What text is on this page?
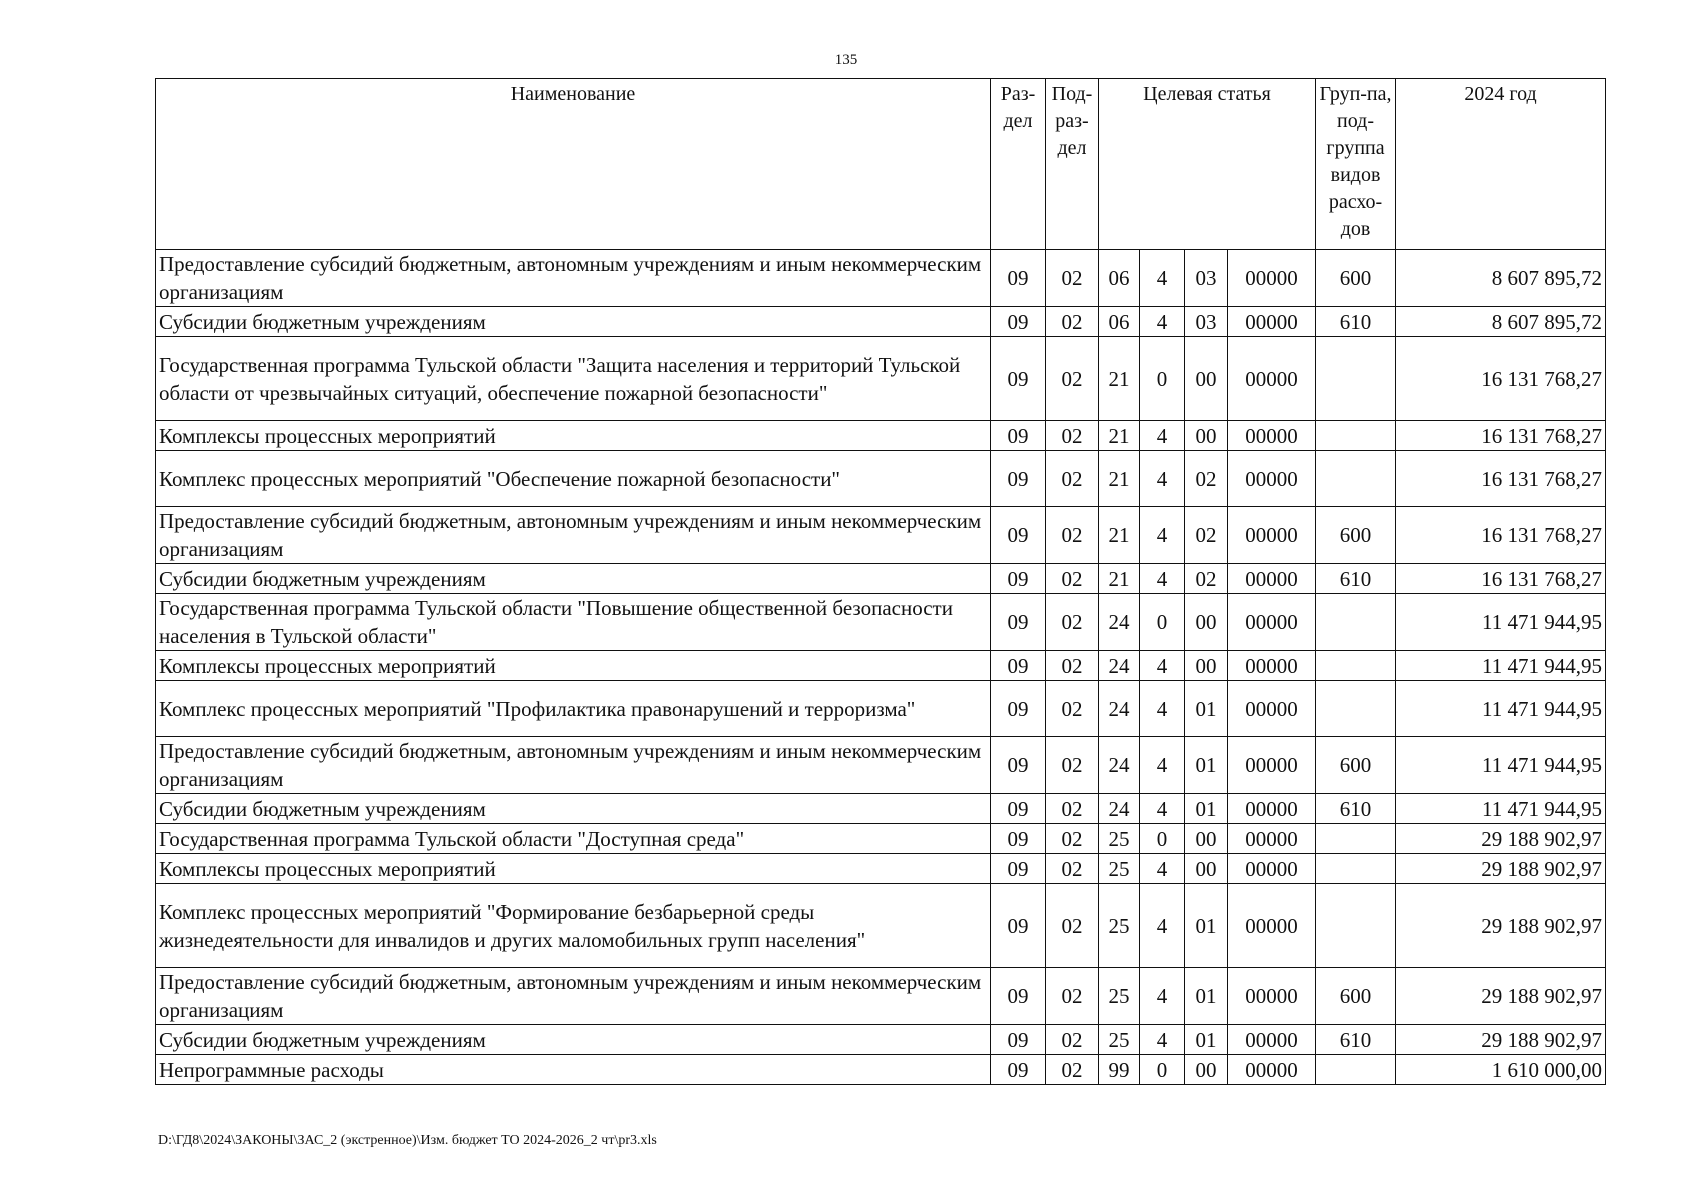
135
Наименование	Раз-дел	Под-раз-дел	Целевая статья				Груп-па, под-группа видов расхо-дов	2024 год
Предоставление субсидий бюджетным, автономным учреждениям и иным некоммерческим организациям	09	02	06	4	03	00000	600	8 607 895,72
Субсидии бюджетным учреждениям	09	02	06	4	03	00000	610	8 607 895,72
Государственная программа Тульской области "Защита населения и территорий Тульской области от чрезвычайных ситуаций, обеспечение пожарной безопасности"	09	02	21	0	00	00000		16 131 768,27
Комплексы процессных мероприятий	09	02	21	4	00	00000		16 131 768,27
Комплекс процессных мероприятий "Обеспечение пожарной безопасности"	09	02	21	4	02	00000		16 131 768,27
Предоставление субсидий бюджетным, автономным учреждениям и иным некоммерческим организациям	09	02	21	4	02	00000	600	16 131 768,27
Субсидии бюджетным учреждениям	09	02	21	4	02	00000	610	16 131 768,27
Государственная программа Тульской области "Повышение общественной безопасности населения в Тульской области"	09	02	24	0	00	00000		11 471 944,95
Комплексы процессных мероприятий	09	02	24	4	00	00000		11 471 944,95
Комплекс процессных мероприятий "Профилактика правонарушений и терроризма"	09	02	24	4	01	00000		11 471 944,95
Предоставление субсидий бюджетным, автономным учреждениям и иным некоммерческим организациям	09	02	24	4	01	00000	600	11 471 944,95
Субсидии бюджетным учреждениям	09	02	24	4	01	00000	610	11 471 944,95
Государственная программа Тульской области "Доступная среда"	09	02	25	0	00	00000		29 188 902,97
Комплексы процессных мероприятий	09	02	25	4	00	00000		29 188 902,97
Комплекс процессных мероприятий "Формирование безбарьерной среды жизнедеятельности для инвалидов и других маломобильных групп населения"	09	02	25	4	01	00000		29 188 902,97
Предоставление субсидий бюджетным, автономным учреждениям и иным некоммерческим организациям	09	02	25	4	01	00000	600	29 188 902,97
Субсидии бюджетным учреждениям	09	02	25	4	01	00000	610	29 188 902,97
Непрограммные расходы	09	02	99	0	00	00000		1 610 000,00
D:\ГД8\2024\ЗАКОНЫ\ЗАС_2 (экстренное)\Изм. бюджет ТО 2024-2026_2 чт\pr3.xls
